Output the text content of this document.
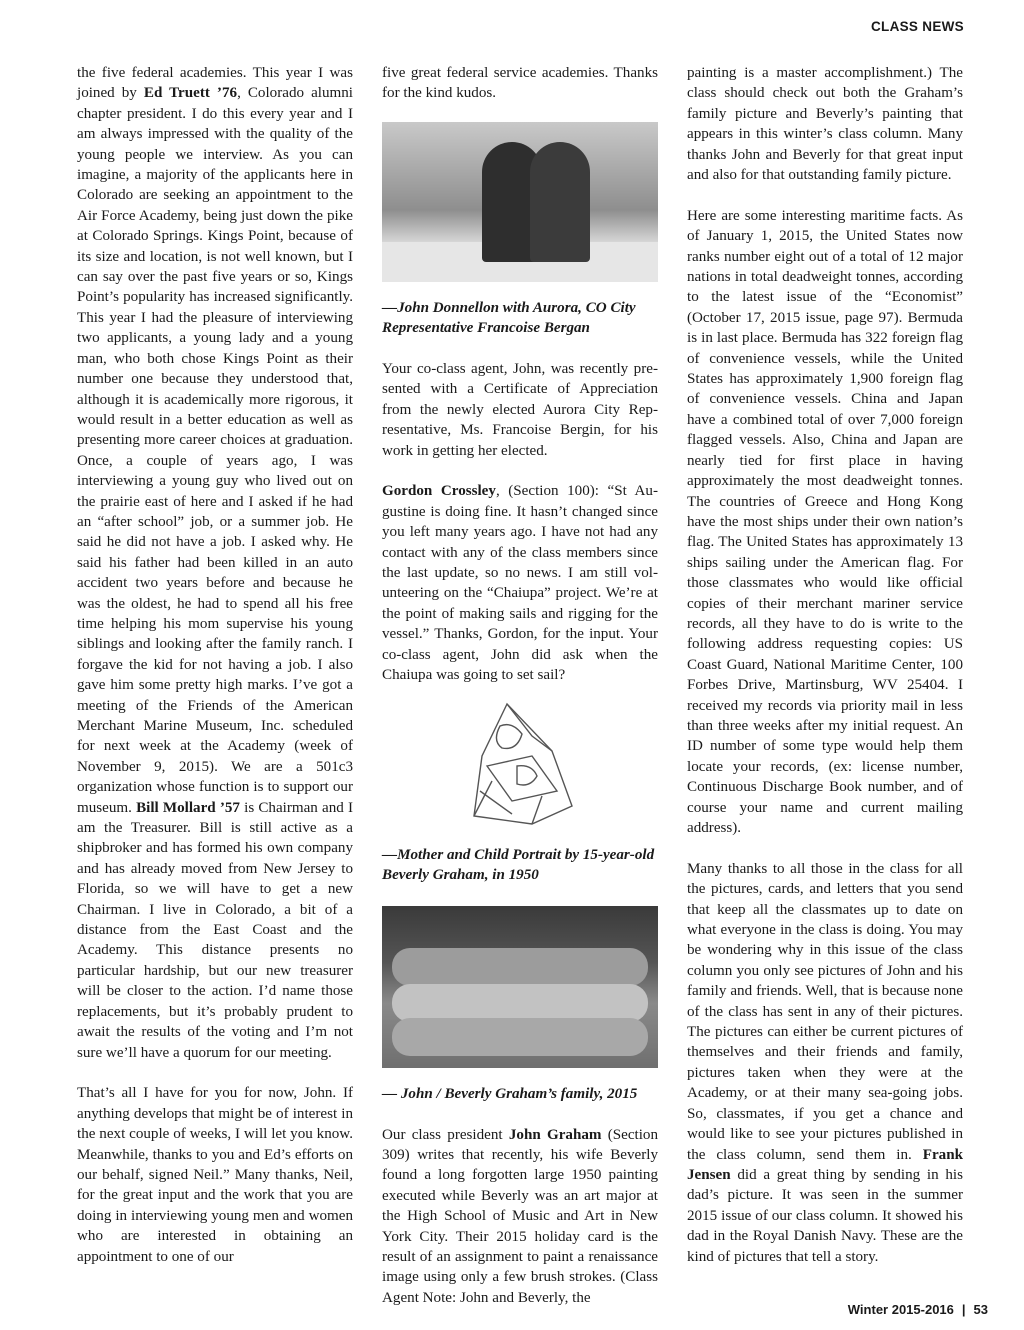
CLASS NEWS

the five federal academies. This year I was joined by Ed Truett ’76, Colorado alumni chapter president. I do this every year and I am always impressed with the quality of the young people we interview. As you can imagine, a majority of the applicants here in Colorado are seeking an appointment to the Air Force Academy, being just down the pike at Colorado Springs. Kings Point, because of its size and location, is not well known, but I can say over the past five years or so, Kings Point’s popularity has increased significantly. This year I had the pleasure of interviewing two applicants, a young lady and a young man, who both chose Kings Point as their number one because they understood that, although it is academically more rigorous, it would result in a better education as well as presenting more career choices at graduation. Once, a couple of years ago, I was interviewing a young guy who lived out on the prairie east of here and I asked if he had an “after school” job, or a summer job. He said he did not have a job. I asked why. He said his father had been killed in an auto accident two years before and because he was the oldest, he had to spend all his free time helping his mom supervise his young siblings and looking after the family ranch. I forgave the kid for not having a job. I also gave him some pretty high marks. I’ve got a meeting of the Friends of the American Merchant Marine Museum, Inc. scheduled for next week at the Academy (week of November 9, 2015). We are a 501c3 organization whose function is to support our museum. Bill Mollard ’57 is Chairman and I am the Treasurer. Bill is still active as a shipbroker and has formed his own company and has already moved from New Jersey to Florida, so we will have to get a new Chairman. I live in Colorado, a bit of a distance from the East Coast and the Academy. This distance presents no particular hardship, but our new treasurer will be closer to the action. I’d name those replacements, but it’s probably prudent to await the results of the voting and I’m not sure we’ll have a quorum for our meeting.

That’s all I have for you for now, John. If anything develops that might be of interest in the next couple of weeks, I will let you know. Meanwhile, thanks to you and Ed’s efforts on our behalf, signed Neil.” Many thanks, Neil, for the great input and the work that you are doing in interviewing young men and women who are interested in obtaining an appointment to one of our

five great federal service academies. Thanks for the kind kudos.

—John Donnellon with Aurora, CO City Representative Francoise Bergan

Your co-class agent, John, was recently presented with a Certificate of Appreciation from the newly elected Aurora City Representative, Ms. Francoise Bergin, for his work in getting her elected.

Gordon Crossley, (Section 100): “St Augustine is doing fine. It hasn’t changed since you left many years ago. I have not had any contact with any of the class members since the last update, so no news. I am still volunteering on the “Chaiupa” project. We’re at the point of making sails and rigging for the vessel.” Thanks, Gordon, for the input. Your co-class agent, John did ask when the Chaiupa was going to set sail?

—Mother and Child Portrait by 15-year-old Beverly Graham, in 1950

— John / Beverly Graham’s family, 2015

Our class president John Graham (Section 309) writes that recently, his wife Beverly found a long forgotten large 1950 painting executed while Beverly was an art major at the High School of Music and Art in New York City. Their 2015 holiday card is the result of an assignment to paint a renaissance image using only a few brush strokes. (Class Agent Note: John and Beverly, the

painting is a master accomplishment.) The class should check out both the Graham’s family picture and Beverly’s painting that appears in this winter’s class column. Many thanks John and Beverly for that great input and also for that outstanding family picture.

Here are some interesting maritime facts. As of January 1, 2015, the United States now ranks number eight out of a total of 12 major nations in total deadweight tonnes, according to the latest issue of the “Economist” (October 17, 2015 issue, page 97). Bermuda is in last place. Bermuda has 322 foreign flag of convenience vessels, while the United States has approximately 1,900 foreign flag of convenience vessels. China and Japan have a combined total of over 7,000 foreign flagged vessels. Also, China and Japan are nearly tied for first place in having approximately the most deadweight tonnes. The countries of Greece and Hong Kong have the most ships under their own nation’s flag. The United States has approximately 13 ships sailing under the American flag. For those classmates who would like official copies of their merchant mariner service records, all they have to do is write to the following address requesting copies: US Coast Guard, National Maritime Center, 100 Forbes Drive, Martinsburg, WV 25404. I received my records via priority mail in less than three weeks after my initial request. An ID number of some type would help them locate your records, (ex: license number, Continuous Discharge Book number, and of course your name and current mailing address).

Many thanks to all those in the class for all the pictures, cards, and letters that you send that keep all the classmates up to date on what everyone in the class is doing. You may be wondering why in this issue of the class column you only see pictures of John and his family and friends. Well, that is because none of the class has sent in any of their pictures. The pictures can either be current pictures of themselves and their friends and family, pictures taken when they were at the Academy, or at their many sea-going jobs. So, classmates, if you get a chance and would like to see your pictures published in the class column, send them in. Frank Jensen did a great thing by sending in his dad’s picture. It was seen in the summer 2015 issue of our class column. It showed his dad in the Royal Danish Navy. These are the kind of pictures that tell a story.

Winter 2015-2016 | 53
